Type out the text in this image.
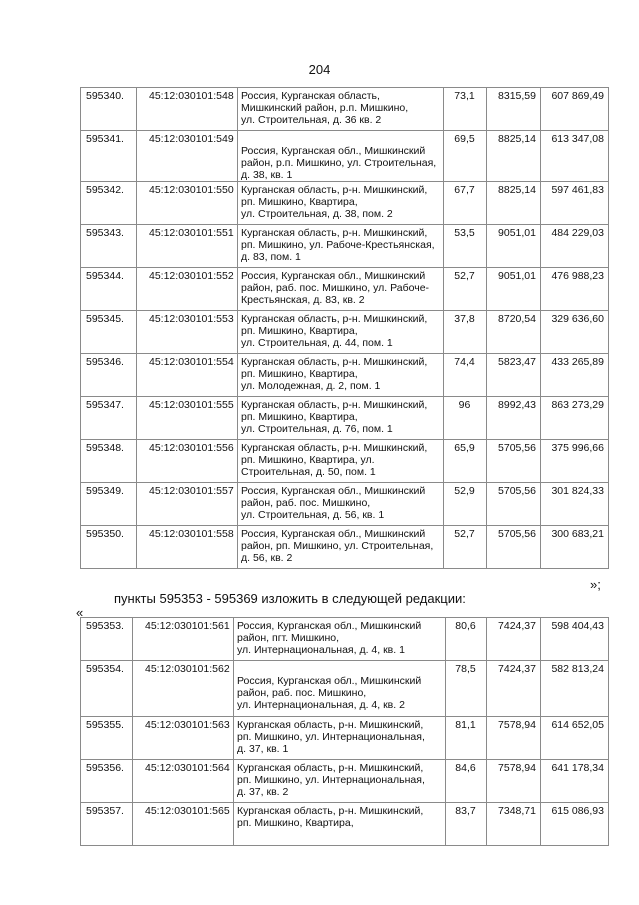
204
595340.	45:12:030101:548	Россия, Курганская область,
Мишкинский район, р.п. Мишкино,
ул. Строительная, д. 36 кв. 2	73,1	8315,59	607 869,49
595341.	45:12:030101:549	Россия, Курганская обл., Мишкинский
район, р.п. Мишкино, ул. Строительная,
д. 38, кв. 1	69,5	8825,14	613 347,08
595342.	45:12:030101:550	Курганская область, р-н. Мишкинский,
рп. Мишкино, Квартира,
ул. Строительная, д. 38, пом. 2	67,7	8825,14	597 461,83
595343.	45:12:030101:551	Курганская область, р-н. Мишкинский,
рп. Мишкино, ул. Рабоче-Крестьянская,
д. 83, пом. 1	53,5	9051,01	484 229,03
595344.	45:12:030101:552	Россия, Курганская обл., Мишкинский
район, раб. пос. Мишкино, ул. Рабоче-
Крестьянская, д. 83, кв. 2	52,7	9051,01	476 988,23
595345.	45:12:030101:553	Курганская область, р-н. Мишкинский,
рп. Мишкино, Квартира,
ул. Строительная, д. 44, пом. 1	37,8	8720,54	329 636,60
595346.	45:12:030101:554	Курганская область, р-н. Мишкинский,
рп. Мишкино, Квартира,
ул. Молодежная, д. 2, пом. 1	74,4	5823,47	433 265,89
595347.	45:12:030101:555	Курганская область, р-н. Мишкинский,
рп. Мишкино, Квартира,
ул. Строительная, д. 76, пом. 1	96	8992,43	863 273,29
595348.	45:12:030101:556	Курганская область, р-н. Мишкинский,
рп. Мишкино, Квартира, ул.
Строительная, д. 50, пом. 1	65,9	5705,56	375 996,66
595349.	45:12:030101:557	Россия, Курганская обл., Мишкинский
район, раб. пос. Мишкино,
ул. Строительная, д. 56, кв. 1	52,9	5705,56	301 824,33
595350.	45:12:030101:558	Россия, Курганская обл., Мишкинский
район, рп. Мишкино, ул. Строительная,
д. 56, кв. 2	52,7	5705,56	300 683,21
»;
пункты 595353 - 595369 изложить в следующей редакции:
«
595353.	45:12:030101:561	Россия, Курганская обл., Мишкинский
район, пгт. Мишкино,
ул. Интернациональная, д. 4, кв. 1	80,6	7424,37	598 404,43
595354.	45:12:030101:562	Россия, Курганская обл., Мишкинский
район, раб. пос. Мишкино,
ул. Интернациональная, д. 4, кв. 2	78,5	7424,37	582 813,24
595355.	45:12:030101:563	Курганская область, р-н. Мишкинский,
рп. Мишкино, ул. Интернациональная,
д. 37, кв. 1	81,1	7578,94	614 652,05
595356.	45:12:030101:564	Курганская область, р-н. Мишкинский,
рп. Мишкино, ул. Интернациональная,
д. 37, кв. 2	84,6	7578,94	641 178,34
595357.	45:12:030101:565	Курганская область, р-н. Мишкинский,
рп. Мишкино, Квартира,	83,7	7348,71	615 086,93
